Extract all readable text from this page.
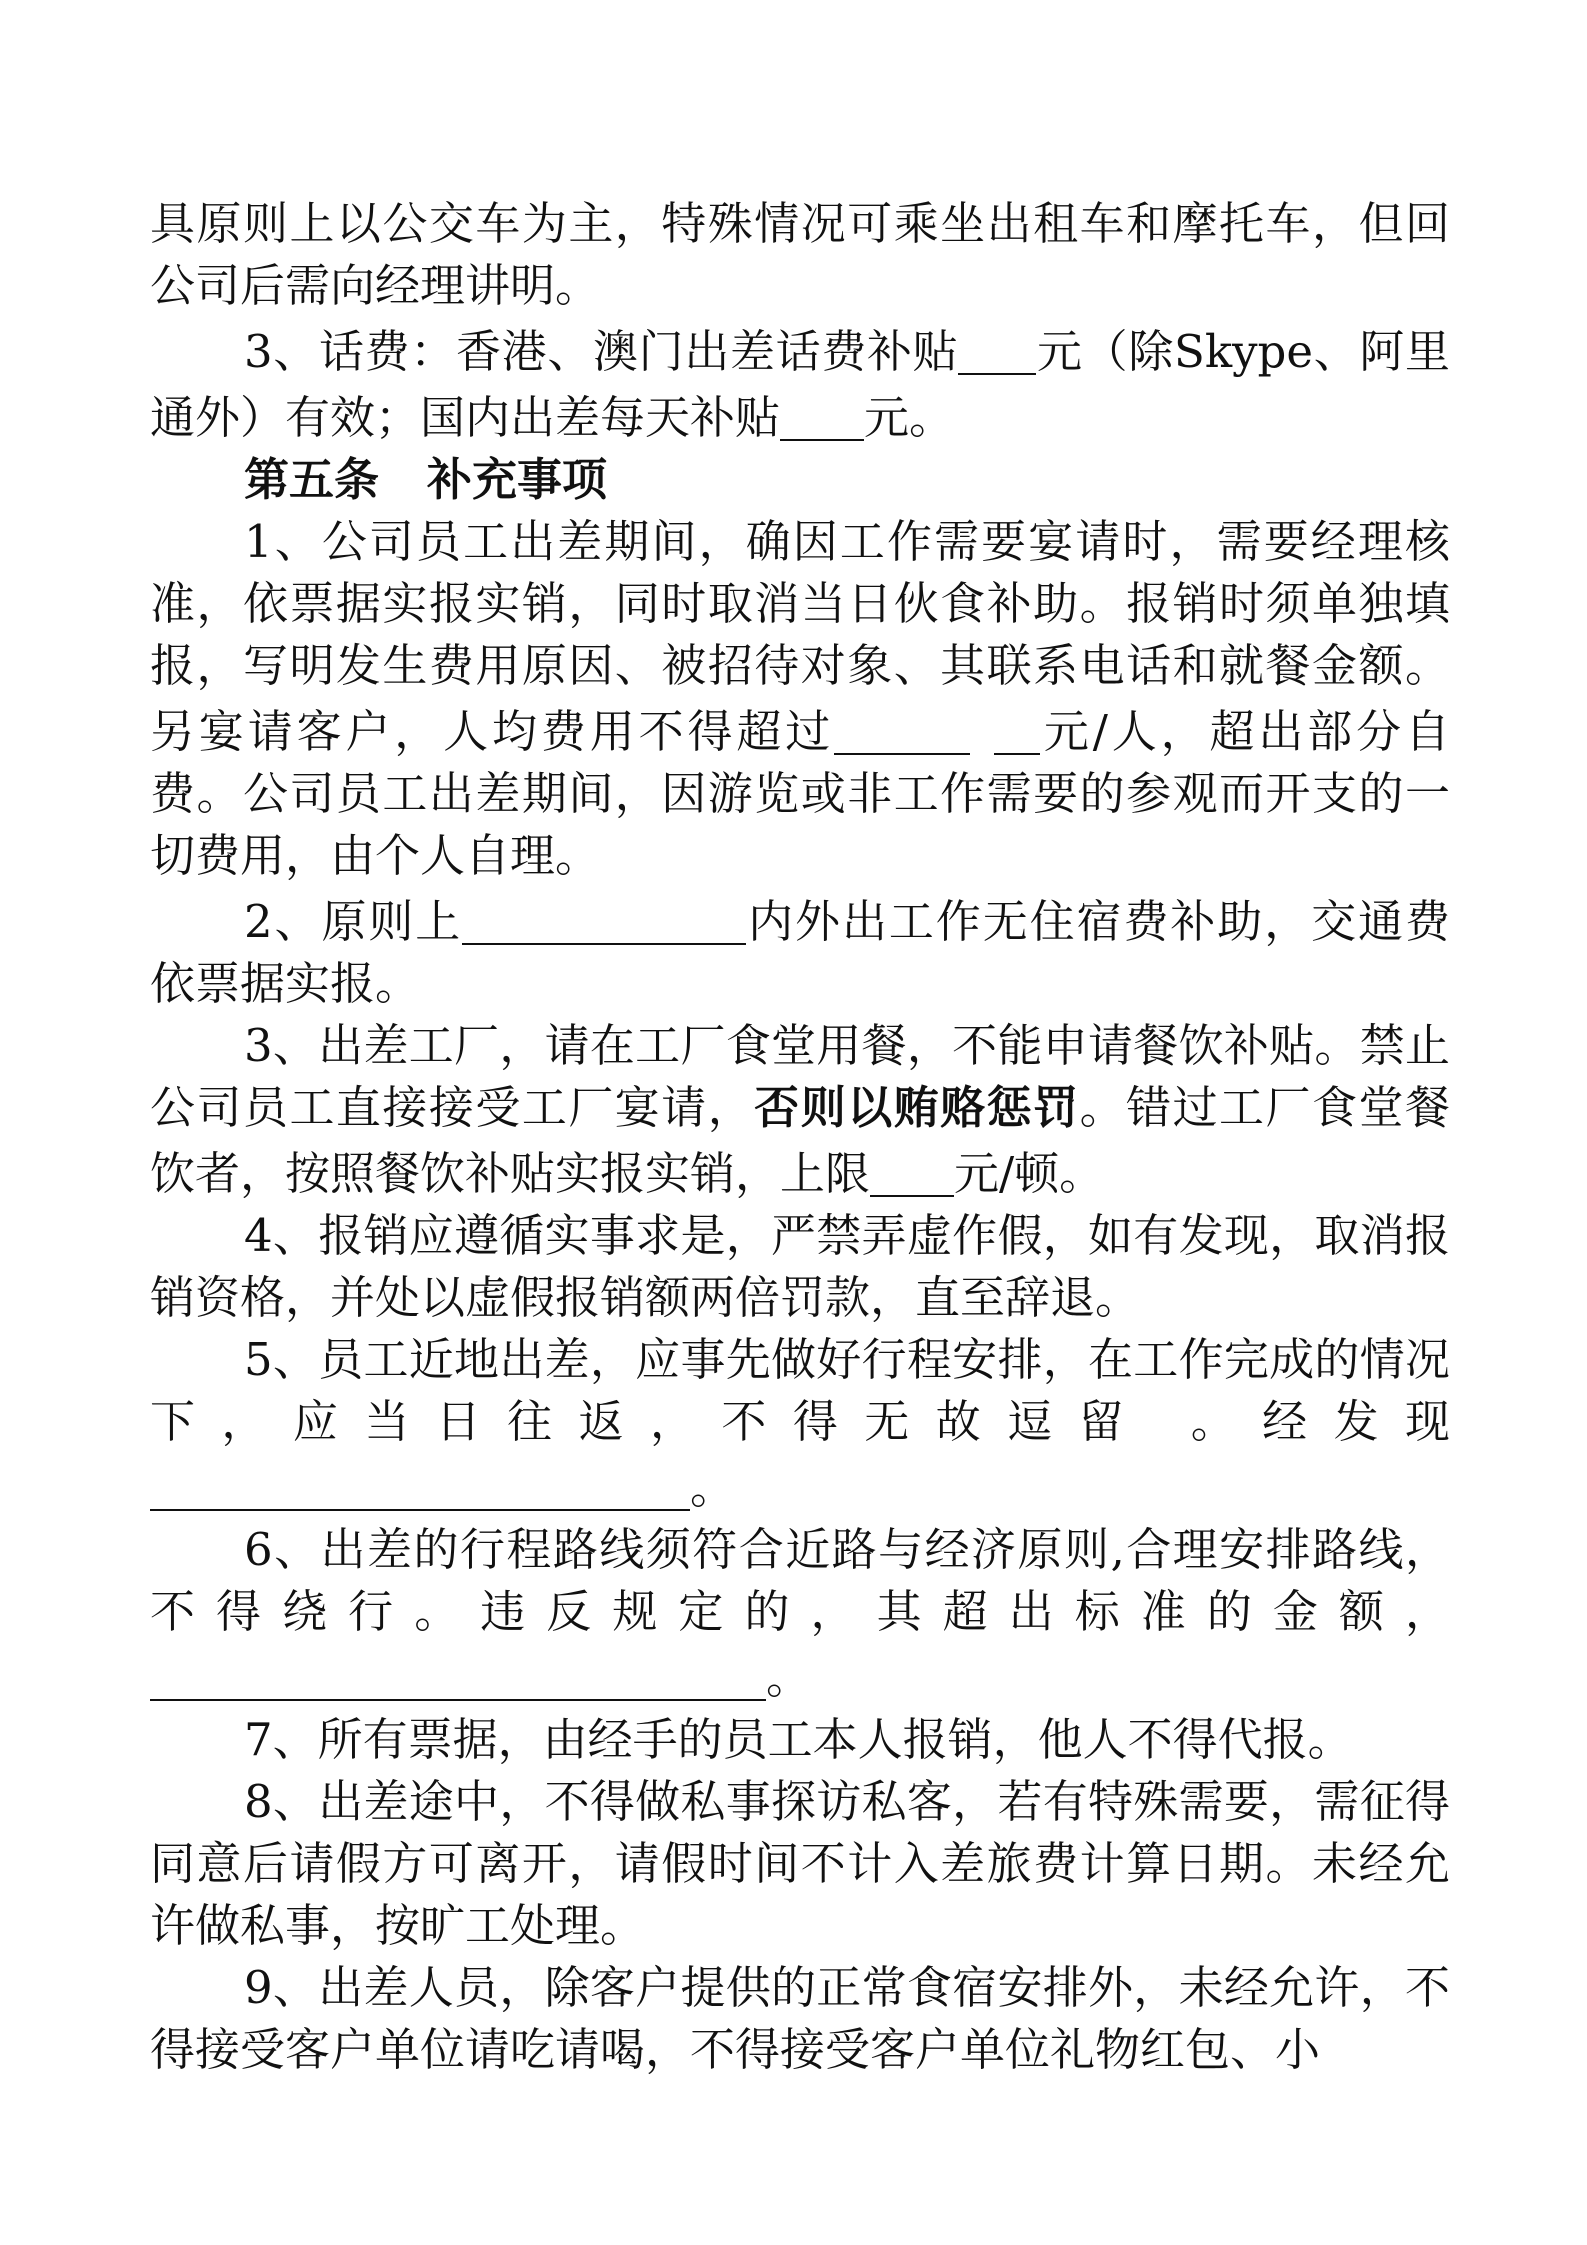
具原则上以公交车为主，特殊情况可乘坐出租车和摩托车，但回公司后需向经理讲明。

3、话费：香港、澳门出差话费补贴 元（除Skype、阿里通外）有效；国内出差每天补贴 元。

第五条 补充事项

1、公司员工出差期间，确因工作需要宴请时，需要经理核准，依票据实报实销，同时取消当日伙食补助。报销时须单独填报，写明发生费用原因、被招待对象、其联系电话和就餐金额。另宴请客户，人均费用不得超过	元/人，超出部分自费。公司员工出差期间，因游览或非工作需要的参观而开支的一切费用，由个人自理。

2、原则上	内外出工作无住宿费补助，交通费依票据实报。

3、出差工厂，请在工厂食堂用餐，不能申请餐饮补贴。禁止公司员工直接接受工厂宴请，否则以贿赂惩罚。错过工厂食堂餐饮者，按照餐饮补贴实报实销，上限 元/顿。

4、报销应遵循实事求是，严禁弄虚作假，如有发现，取消报销资格，并处以虚假报销额两倍罚款，直至辞退。

5、员工近地出差，应事先做好行程安排，在工作完成的情况下，应当日往返，不得无故逗留 。经发现。

6、出差的行程路线须符合近路与经济原则,合理安排路线，不得绕行。违反规定的，其超出标准的金额，。

7、所有票据，由经手的员工本人报销，他人不得代报。

8、出差途中，不得做私事探访私客，若有特殊需要，需征得同意后请假方可离开，请假时间不计入差旅费计算日期。未经允许做私事，按旷工处理。

9、出差人员，除客户提供的正常食宿安排外，未经允许，不得接受客户单位请吃请喝，不得接受客户单位礼物红包、小
